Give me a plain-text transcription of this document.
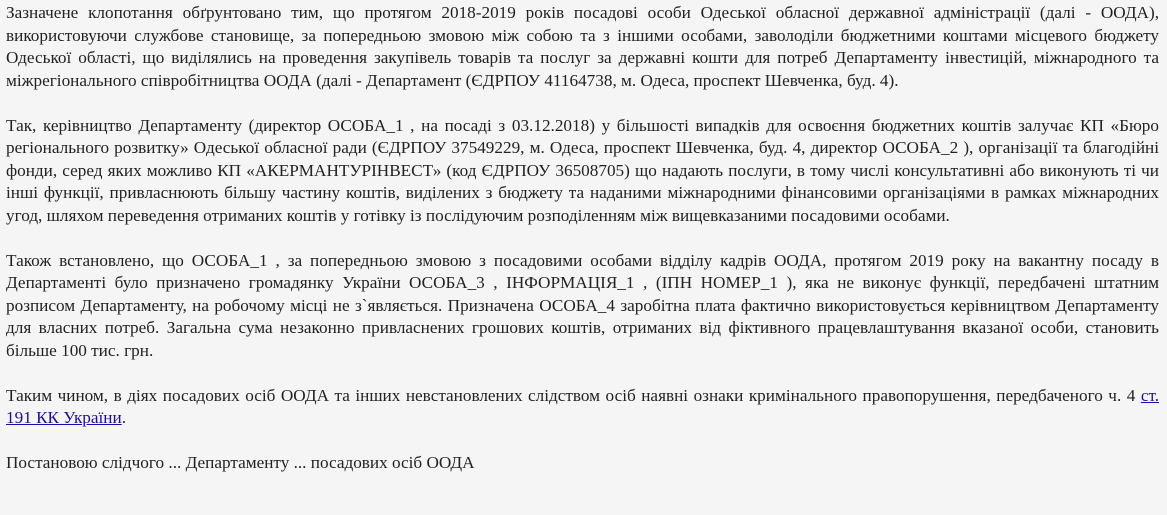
Зазначене клопотання обґрунтовано тим, що протягом 2018-2019 років посадові особи Одеської обласної державної адміністрації (далі - ООДА), використовуючи службове становище, за попередньою змовою між собою та з іншими особами, заволоділи бюджетними коштами місцевого бюджету Одеської області, що виділялись на проведення закупівель товарів та послуг за державні кошти для потреб Департаменту інвестицій, міжнародного та міжрегіонального співробітництва ООДА (далі - Департамент (ЄДРПОУ 41164738, м. Одеса, проспект Шевченка, буд. 4).

Так, керівництво Департаменту (директор ОСОБА_1 , на посаді з 03.12.2018) у більшості випадків для освоєння бюджетних коштів залучає КП «Бюро регіонального розвитку» Одеської обласної ради (ЄДРПОУ 37549229, м. Одеса, проспект Шевченка, буд. 4, директор ОСОБА_2 ), організації та благодійні фонди, серед яких можливо КП «АКЕРМАНТУРІНВЕСТ» (код ЄДРПОУ 36508705) що надають послуги, в тому числі консультативні або виконують ті чи інші функції, привласнюють більшу частину коштів, виділених з бюджету та наданими міжнародними фінансовими організаціями в рамках міжнародних угод, шляхом переведення отриманих коштів у готівку із послідуючим розподіленням між вищевказаними посадовими особами.

Також встановлено, що ОСОБА_1 , за попередньою змовою з посадовими особами відділу кадрів ООДА, протягом 2019 року на вакантну посаду в Департаменті було призначено громадянку України ОСОБА_3 , ІНФОРМАЦІЯ_1 , (ІПН НОМЕР_1 ), яка не виконує функції, передбачені штатним розписом Департаменту, на робочому місці не з`являється. Призначена ОСОБА_4 заробітна плата фактично використовується керівництвом Департаменту для власних потреб. Загальна сума незаконно привласнених грошових коштів, отриманих від фіктивного працевлаштування вказаної особи, становить більше 100 тис. грн.

Таким чином, в діях посадових осіб ООДА та інших невстановлених слідством осіб наявні ознаки кримінального правопорушення, передбаченого ч. 4 ст. 191 КК України.

Постановою слідчого ... Департаменту ... посадових осіб ООДА
